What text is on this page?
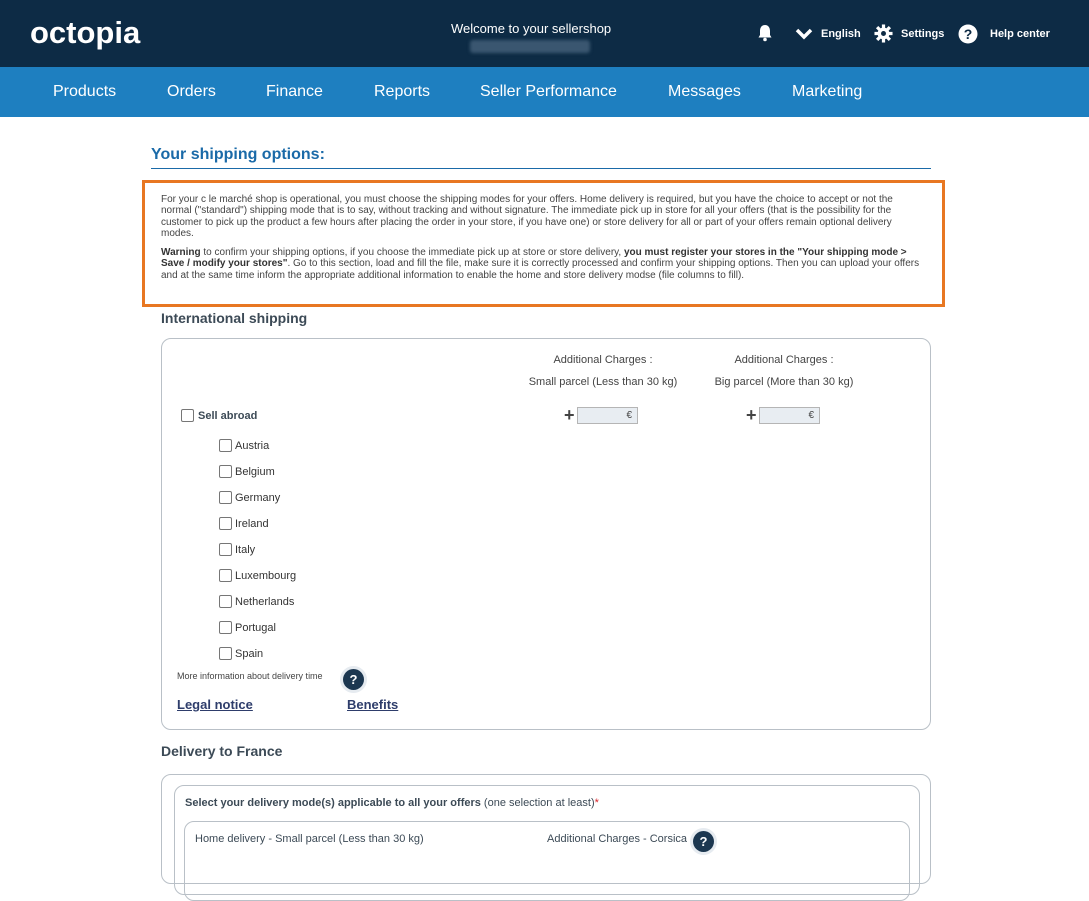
octopia	Welcome to your sellershop	English	Settings ? Help center
Products	Orders	Finance	Reports	Seller Performance	Messages	Marketing
Your shipping options:

For your c le marché shop is operational, you must choose the shipping modes for your offers. Home delivery is required, but you have the choice to accept or not the normal ("standard") shipping mode that is to say, without tracking and without signature. The immediate pick up in store for all your offers (that is the possibility for the customer to pick up the product a few hours after placing the order in your store, if you have one) or store delivery for all or part of your offers remain optional delivery modes.

Warning to confirm your shipping options, if you choose the immediate pick up at store or store delivery, you must register your stores in the "Your shipping mode > Save / modify your stores". Go to this section, load and fill the file, make sure it is correctly processed and confirm your shipping options. Then you can upload your offers and at the same time inform the appropriate additional information to enable the home and store delivery modse (file columns to fill).

International shipping
Additional Charges :
Small parcel (Less than 30 kg)
Additional Charges :
Big parcel (More than 30 kg)
Sell abroad	+	€	+	€
Austria
Belgium
Germany
Ireland
Italy
Luxembourg
Netherlands
Portugal
Spain
More information about delivery time	?
Legal notice	Benefits
Delivery to France
Select your delivery mode(s) applicable to all your offers (one selection at least)*
Home delivery - Small parcel (Less than 30 kg)	Additional Charges - Corsica ?
